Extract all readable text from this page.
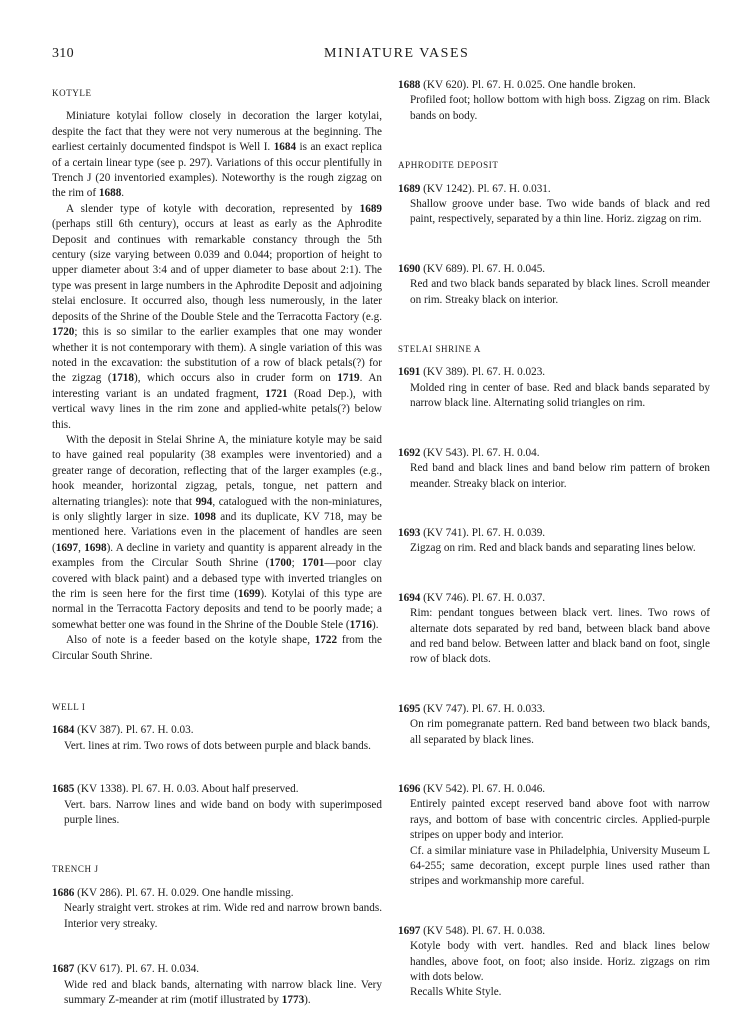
310	MINIATURE VASES
KOTYLE

Miniature kotylai follow closely in decoration the larger kotylai, despite the fact that they were not very numerous at the beginning. The earliest certainly documented findspot is Well I. 1684 is an exact replica of a certain linear type (see p. 297). Variations of this occur plentifully in Trench J (20 inventoried examples). Noteworthy is the rough zigzag on the rim of 1688.

A slender type of kotyle with decoration, represented by 1689 (perhaps still 6th century), occurs at least as early as the Aphrodite Deposit and continues with remarkable constancy through the 5th century (size varying between 0.039 and 0.044; proportion of height to upper diameter about 3:4 and of upper diameter to base about 2:1). The type was present in large numbers in the Aphrodite Deposit and adjoining stelai enclosure. It occurred also, though less numerously, in the later deposits of the Shrine of the Double Stele and the Terracotta Factory (e.g. 1720; this is so similar to the earlier examples that one may wonder whether it is not contemporary with them). A single variation of this was noted in the excavation: the substitution of a row of black petals(?) for the zigzag (1718), which occurs also in cruder form on 1719. An interesting variant is an undated fragment, 1721 (Road Dep.), with vertical wavy lines in the rim zone and applied-white petals(?) below this.

With the deposit in Stelai Shrine A, the miniature kotyle may be said to have gained real popularity (38 examples were inventoried) and a greater range of decoration, reflecting that of the larger examples (e.g., hook meander, horizontal zigzag, petals, tongue, net pattern and alternating triangles): note that 994, catalogued with the non-miniatures, is only slightly larger in size. 1098 and its duplicate, KV 718, may be mentioned here. Variations even in the placement of handles are seen (1697, 1698). A decline in variety and quantity is apparent already in the examples from the Circular South Shrine (1700; 1701—poor clay covered with black paint) and a debased type with inverted triangles on the rim is seen here for the first time (1699). Kotylai of this type are normal in the Terracotta Factory deposits and tend to be poorly made; a somewhat better one was found in the Shrine of the Double Stele (1716).

Also of note is a feeder based on the kotyle shape, 1722 from the Circular South Shrine.

WELL I

1684 (KV 387). Pl. 67. H. 0.03.

Vert. lines at rim. Two rows of dots between purple and black bands.

1685 (KV 1338). Pl. 67. H. 0.03. About half preserved.

Vert. bars. Narrow lines and wide band on body with superimposed purple lines.

TRENCH J

1686 (KV 286). Pl. 67. H. 0.029. One handle missing.

Nearly straight vert. strokes at rim. Wide red and narrow brown bands. Interior very streaky.

1687 (KV 617). Pl. 67. H. 0.034.

Wide red and black bands, alternating with narrow black line. Very summary Z-meander at rim (motif illustrated by 1773).

1688 (KV 620). Pl. 67. H. 0.025. One handle broken.

Profiled foot; hollow bottom with high boss. Zigzag on rim. Black bands on body.

APHRODITE DEPOSIT

1689 (KV 1242). Pl. 67. H. 0.031.

Shallow groove under base. Two wide bands of black and red paint, respectively, separated by a thin line. Horiz. zigzag on rim.

1690 (KV 689). Pl. 67. H. 0.045.

Red and two black bands separated by black lines. Scroll meander on rim. Streaky black on interior.

STELAI SHRINE A

1691 (KV 389). Pl. 67. H. 0.023.

Molded ring in center of base. Red and black bands separated by narrow black line. Alternating solid triangles on rim.

1692 (KV 543). Pl. 67. H. 0.04.

Red band and black lines and band below rim pattern of broken meander. Streaky black on interior.

1693 (KV 741). Pl. 67. H. 0.039.

Zigzag on rim. Red and black bands and separating lines below.

1694 (KV 746). Pl. 67. H. 0.037.

Rim: pendant tongues between black vert. lines. Two rows of alternate dots separated by red band, between black band above and red band below. Between latter and black band on foot, single row of black dots.

1695 (KV 747). Pl. 67. H. 0.033.

On rim pomegranate pattern. Red band between two black bands, all separated by black lines.

1696 (KV 542). Pl. 67. H. 0.046.

Entirely painted except reserved band above foot with narrow rays, and bottom of base with concentric circles. Applied-purple stripes on upper body and interior.

Cf. a similar miniature vase in Philadelphia, University Museum L 64-255; same decoration, except purple lines used rather than stripes and workmanship more careful.

1697 (KV 548). Pl. 67. H. 0.038.

Kotyle body with vert. handles. Red and black lines below handles, above foot, on foot; also inside. Horiz. zigzags on rim with dots below.

Recalls White Style.
